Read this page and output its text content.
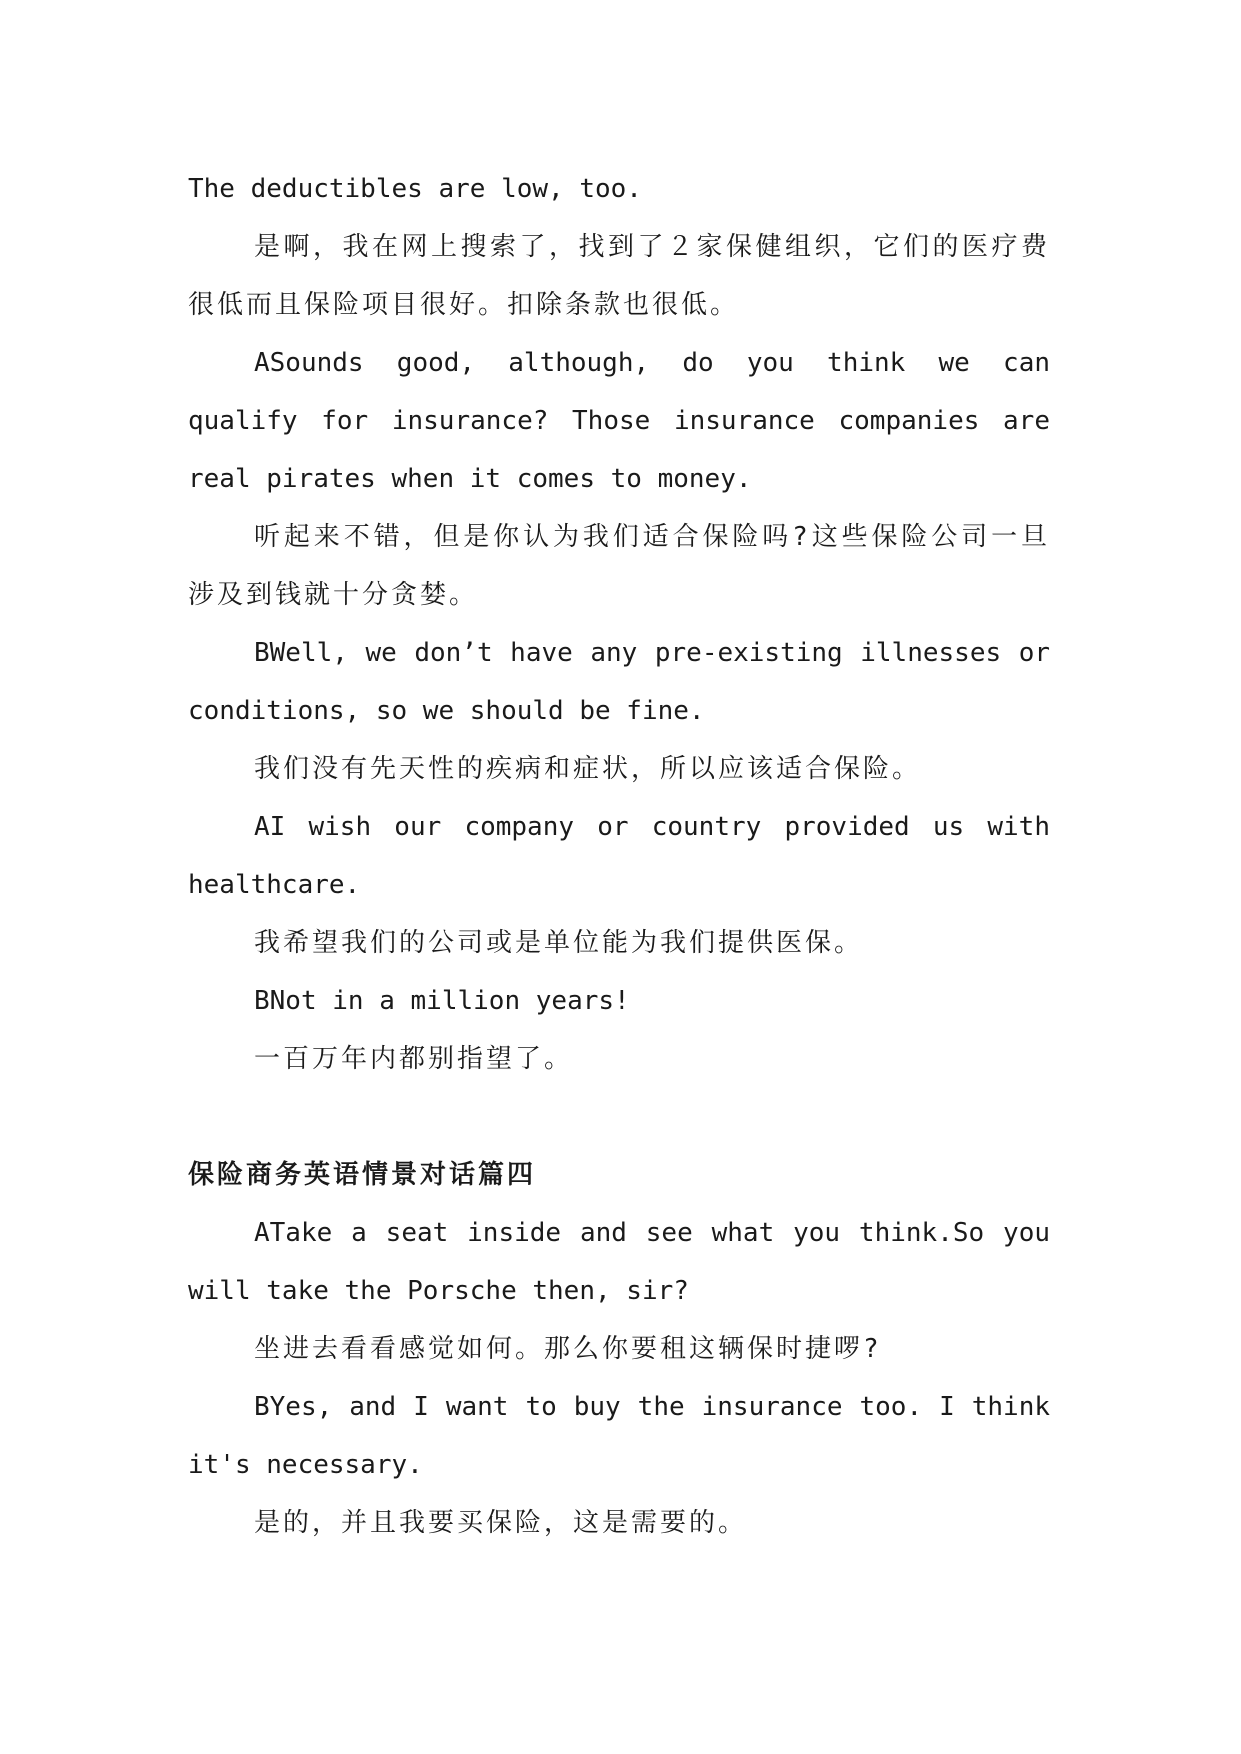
The deductibles are low, too.

是啊，我在网上搜索了，找到了２家保健组织，它们的医疗费很低而且保险项目很好。扣除条款也很低。

ASounds good, although, do you think we can qualify for insurance? Those insurance companies are real pirates when it comes to money.

听起来不错，但是你认为我们适合保险吗?这些保险公司一旦涉及到钱就十分贪婪。

BWell, we don’t have any pre-existing illnesses or conditions, so we should be fine.

我们没有先天性的疾病和症状，所以应该适合保险。

AI wish our company or country provided us with healthcare.

我希望我们的公司或是单位能为我们提供医保。

BNot in a million years!

一百万年内都别指望了。

保险商务英语情景对话篇四

ATake a seat inside and see what you think.So you will take the Porsche then, sir?

坐进去看看感觉如何。那么你要租这辆保时捷啰?

BYes, and I want to buy the insurance too. I think it's necessary.

是的，并且我要买保险，这是需要的。
